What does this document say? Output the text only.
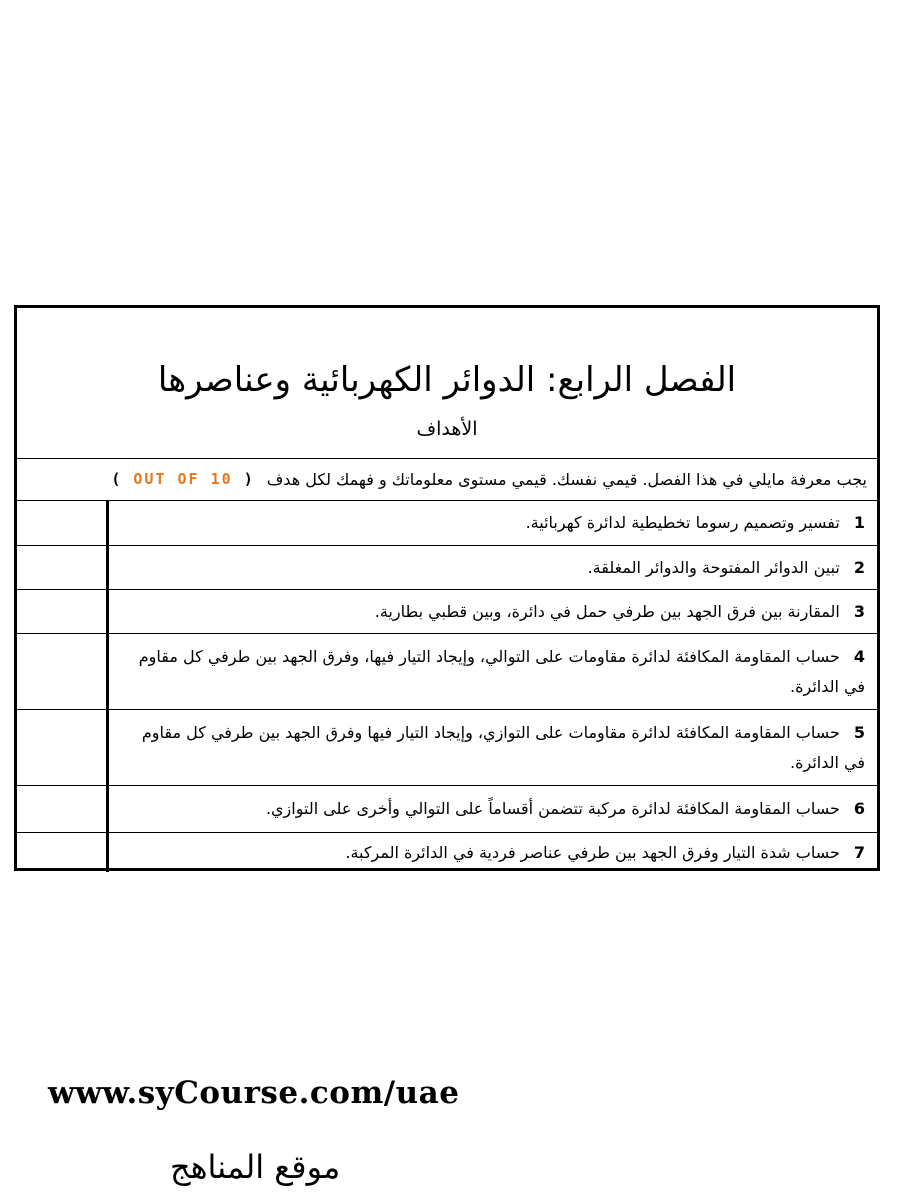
الفصل الرابع: الدوائر الكهربائية وعناصرها
الأهداف
يجب معرفة مايلي في هذا الفصل. قيمي نفسك. قيمي مستوى معلوماتك و فهمك لكل هدف
( OUT OF 10 )
1تفسير وتصميم رسوما تخطيطية لدائرة كهربائية.
2تبين الدوائر المفتوحة والدوائر المغلقة.
3المقارنة بين فرق الجهد بين طرفي حمل في دائرة، وبين قطبي بطارية.
4حساب المقاومة المكافئة لدائرة مقاومات على التوالي، وإيجاد التيار فيها، وفرق الجهد بين طرفي كل مقاوم في الدائرة.
5حساب المقاومة المكافئة لدائرة مقاومات على التوازي، وإيجاد التيار فيها وفرق الجهد بين طرفي كل مقاوم في الدائرة.
6حساب المقاومة المكافئة لدائرة مركبة تتضمن أقساماً على التوالي وأخرى على التوازي.
7حساب شدة التيار وفرق الجهد بين طرفي عناصر فردية في الدائرة المركبة.
www.syCourse.com/uae
موقع المناهج
